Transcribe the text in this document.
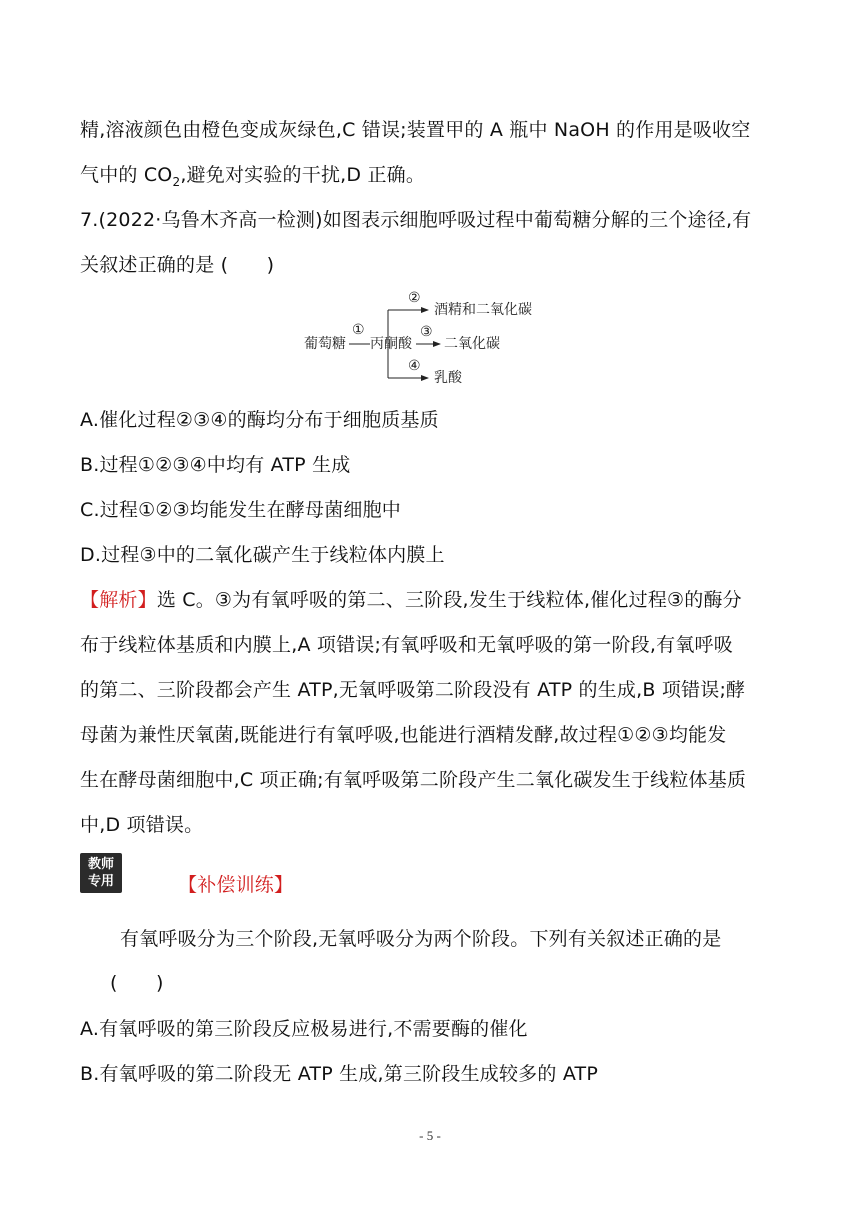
精,溶液颜色由橙色变成灰绿色,C 错误;装置甲的 A 瓶中 NaOH 的作用是吸收空
气中的 $CO_2$,避免对实验的干扰,D 正确。
7.(2022·乌鲁木齐高一检测)如图表示细胞呼吸过程中葡萄糖分解的三个途径,有
关叙述正确的是 (　　)
葡萄糖
①
丙酮酸
②
酒精和二氧化碳
③
二氧化碳
④
乳酸
A.催化过程②③④的酶均分布于细胞质基质
B.过程①②③④中均有 ATP 生成
C.过程①②③均能发生在酵母菌细胞中
D.过程③中的二氧化碳产生于线粒体内膜上
【解析】选 C。③为有氧呼吸的第二、三阶段,发生于线粒体,催化过程③的酶分
布于线粒体基质和内膜上,A 项错误;有氧呼吸和无氧呼吸的第一阶段,有氧呼吸
的第二、三阶段都会产生 ATP,无氧呼吸第二阶段没有 ATP 的生成,B 项错误;酵
母菌为兼性厌氧菌,既能进行有氧呼吸,也能进行酒精发酵,故过程①②③均能发
生在酵母菌细胞中,C 项正确;有氧呼吸第二阶段产生二氧化碳发生于线粒体基质
中,D 项错误。
教师
专用	【补偿训练】
有氧呼吸分为三个阶段,无氧呼吸分为两个阶段。下列有关叙述正确的是
(　　)
A.有氧呼吸的第三阶段反应极易进行,不需要酶的催化
B.有氧呼吸的第二阶段无 ATP 生成,第三阶段生成较多的 ATP
- 5 -
